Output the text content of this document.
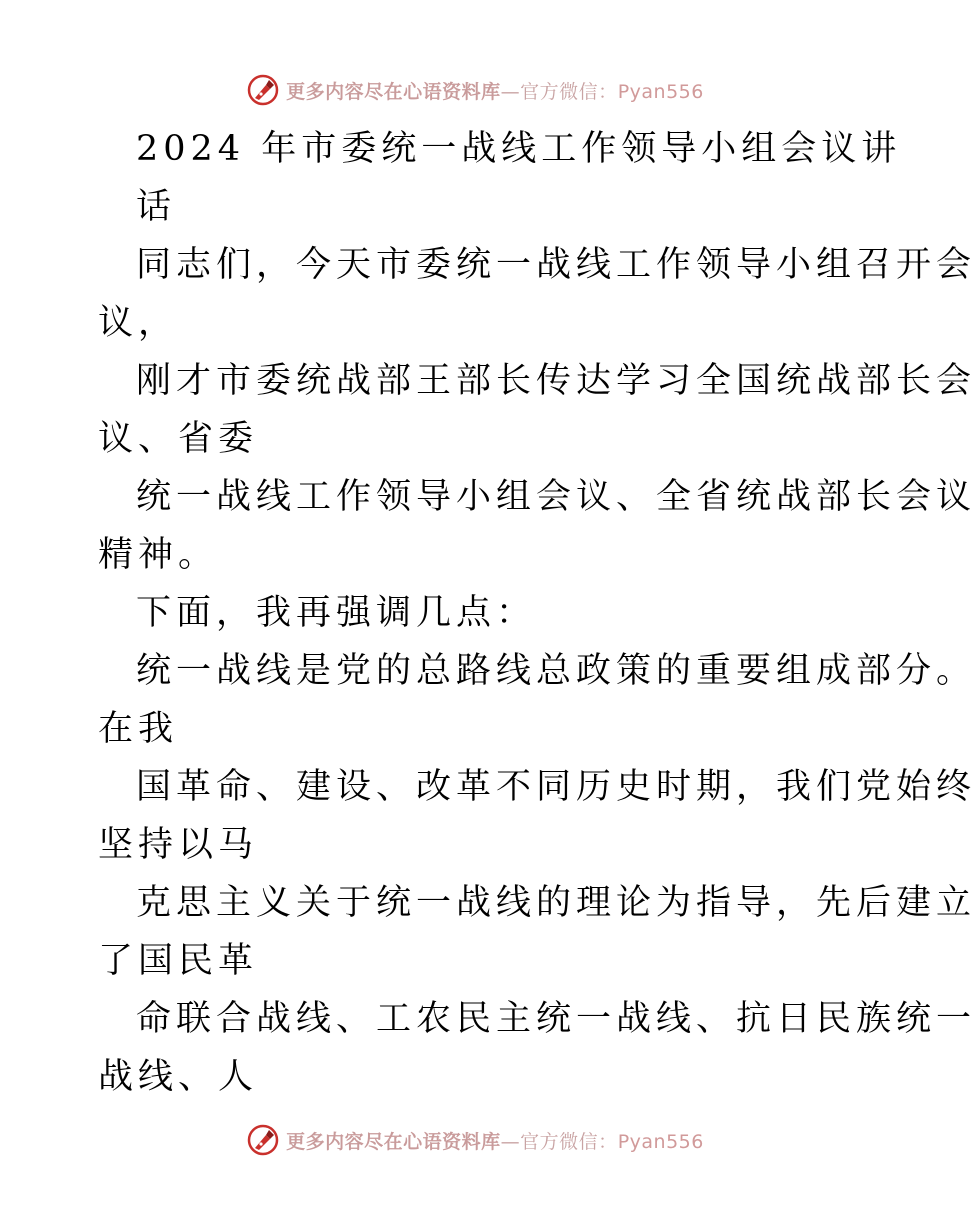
更多内容尽在心语资料库—官方微信：Pyan556
2024 年市委统一战线工作领导小组会议讲
话
同志们，今天市委统一战线工作领导小组召开会
议，
刚才市委统战部王部长传达学习全国统战部长会
议、省委
统一战线工作领导小组会议、全省统战部长会议
精神。
下面，我再强调几点：
统一战线是党的总路线总政策的重要组成部分。
在我
国革命、建设、改革不同历史时期，我们党始终
坚持以马
克思主义关于统一战线的理论为指导，先后建立
了国民革
命联合战线、工农民主统一战线、抗日民族统一
战线、人
更多内容尽在心语资料库—官方微信：Pyan556
